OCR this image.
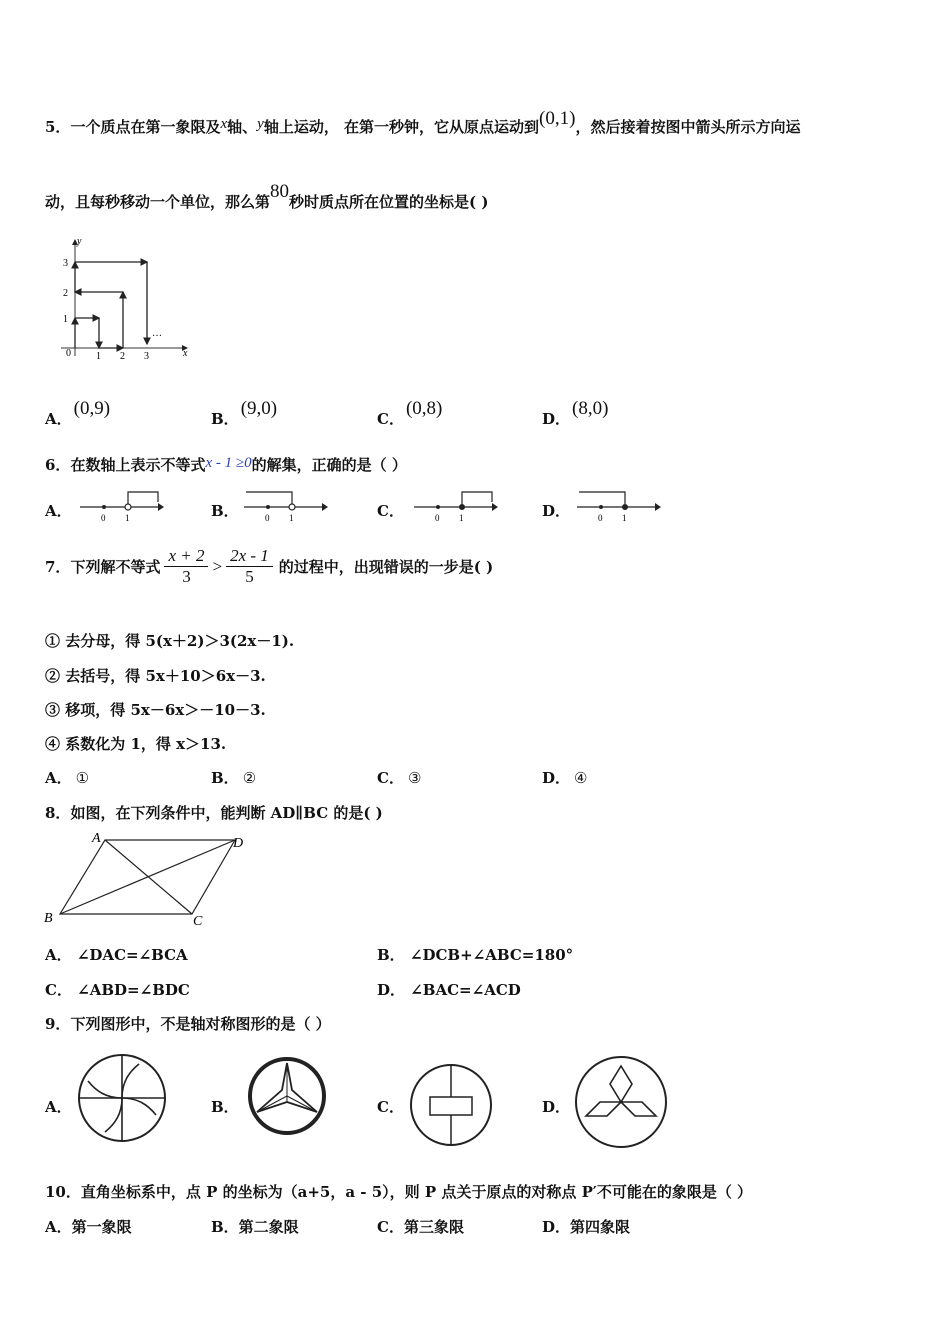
5．一个质点在第一象限及x轴、y轴上运动， 在第一秒钟，它从原点运动到(0,1)，然后接着按图中箭头所示方向运
动，且每秒移动一个单位，那么第80秒时质点所在位置的坐标是( )
y
x
0
1
2
3
1 2 3
…
A． (0,9)	B． (9,0)	C． (0,8)	D． (8,0)
6．在数轴上表示不等式x - 1 ≥0的解集，正确的是（ ）
A．	0 1	B．	0 1	C．	0 1	D．	0 1
7． 下列解不等式 $\frac{x + 2}{3} > \frac{2x - 1}{5}$ 的过程中，出现错误的一步是( )
① 去分母，得 5(x＋2)＞3(2x－1).
② 去括号，得 5x＋10＞6x－3.
③ 移项，得 5x－6x＞－10－3.
④ 系数化为 1，得 x＞13.
A． ①	B． ②	C． ③	D． ④
8．如图，在下列条件中，能判断 AD∥BC 的是( )
A	D
B	C
A． ∠DAC=∠BCA	B． ∠DCB+∠ABC=180°
C． ∠ABD=∠BDC	D． ∠BAC=∠ACD
9．下列图形中，不是轴对称图形的是（ ）
A．	B．	C．	D．
10．直角坐标系中，点 P 的坐标为（a+5，a - 5），则 P 点关于原点的对称点 P′不可能在的象限是（ ）
A．第一象限	B．第二象限	C．第三象限	D．第四象限
